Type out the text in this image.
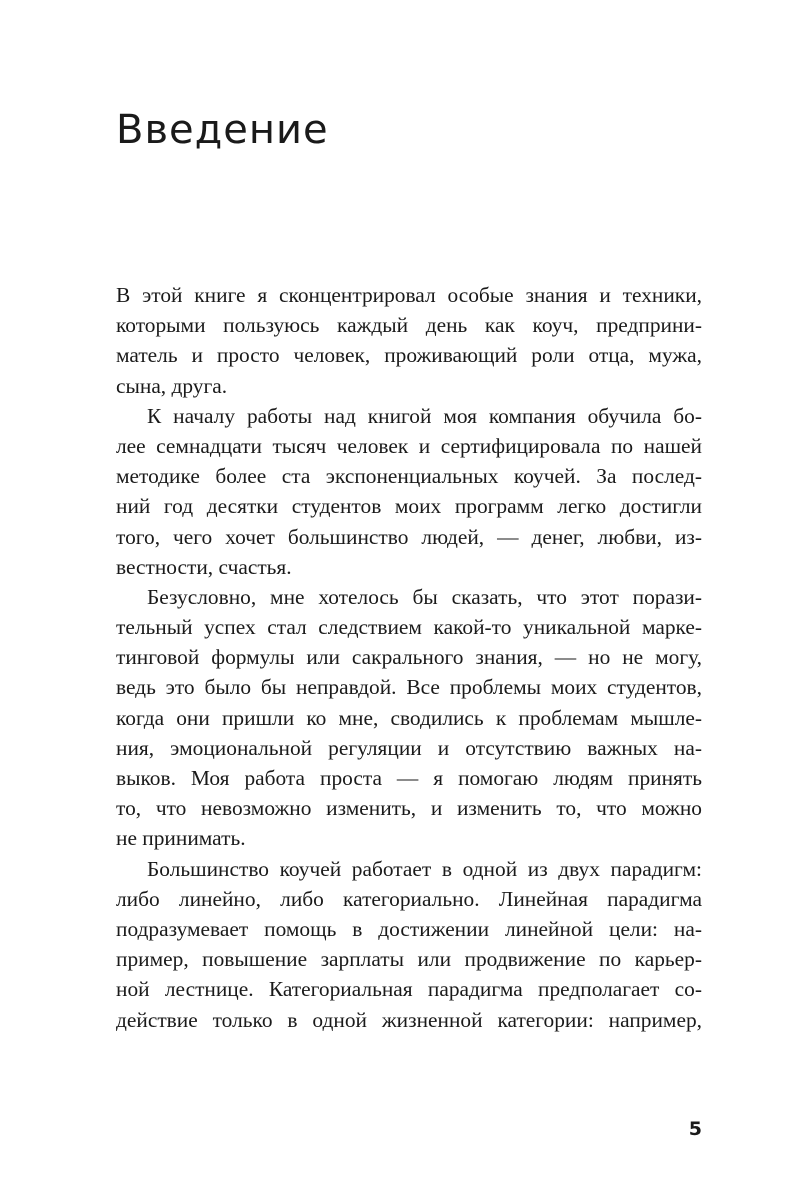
Введение
В этой книге я сконцентрировал особые знания и техники,
которыми пользуюсь каждый день как коуч, предприни-
матель и просто человек, проживающий роли отца, мужа,
сына, друга.
К началу работы над книгой моя компания обучила бо-
лее семнадцати тысяч человек и сертифицировала по нашей
методике более ста экспоненциальных коучей. За послед-
ний год десятки студентов моих программ легко достигли
того, чего хочет большинство людей, — денег, любви, из-
вестности, счастья.
Безусловно, мне хотелось бы сказать, что этот порази-
тельный успех стал следствием какой-то уникальной марке-
тинговой формулы или сакрального знания, — но не могу,
ведь это было бы неправдой. Все проблемы моих студентов,
когда они пришли ко мне, сводились к проблемам мышле-
ния, эмоциональной регуляции и отсутствию важных на-
выков. Моя работа проста — я помогаю людям принять
то, что невозможно изменить, и изменить то, что можно
не принимать.
Большинство коучей работает в одной из двух парадигм:
либо линейно, либо категориально. Линейная парадигма
подразумевает помощь в достижении линейной цели: на-
пример, повышение зарплаты или продвижение по карьер-
ной лестнице. Категориальная парадигма предполагает со-
действие только в одной жизненной категории: например,
5
